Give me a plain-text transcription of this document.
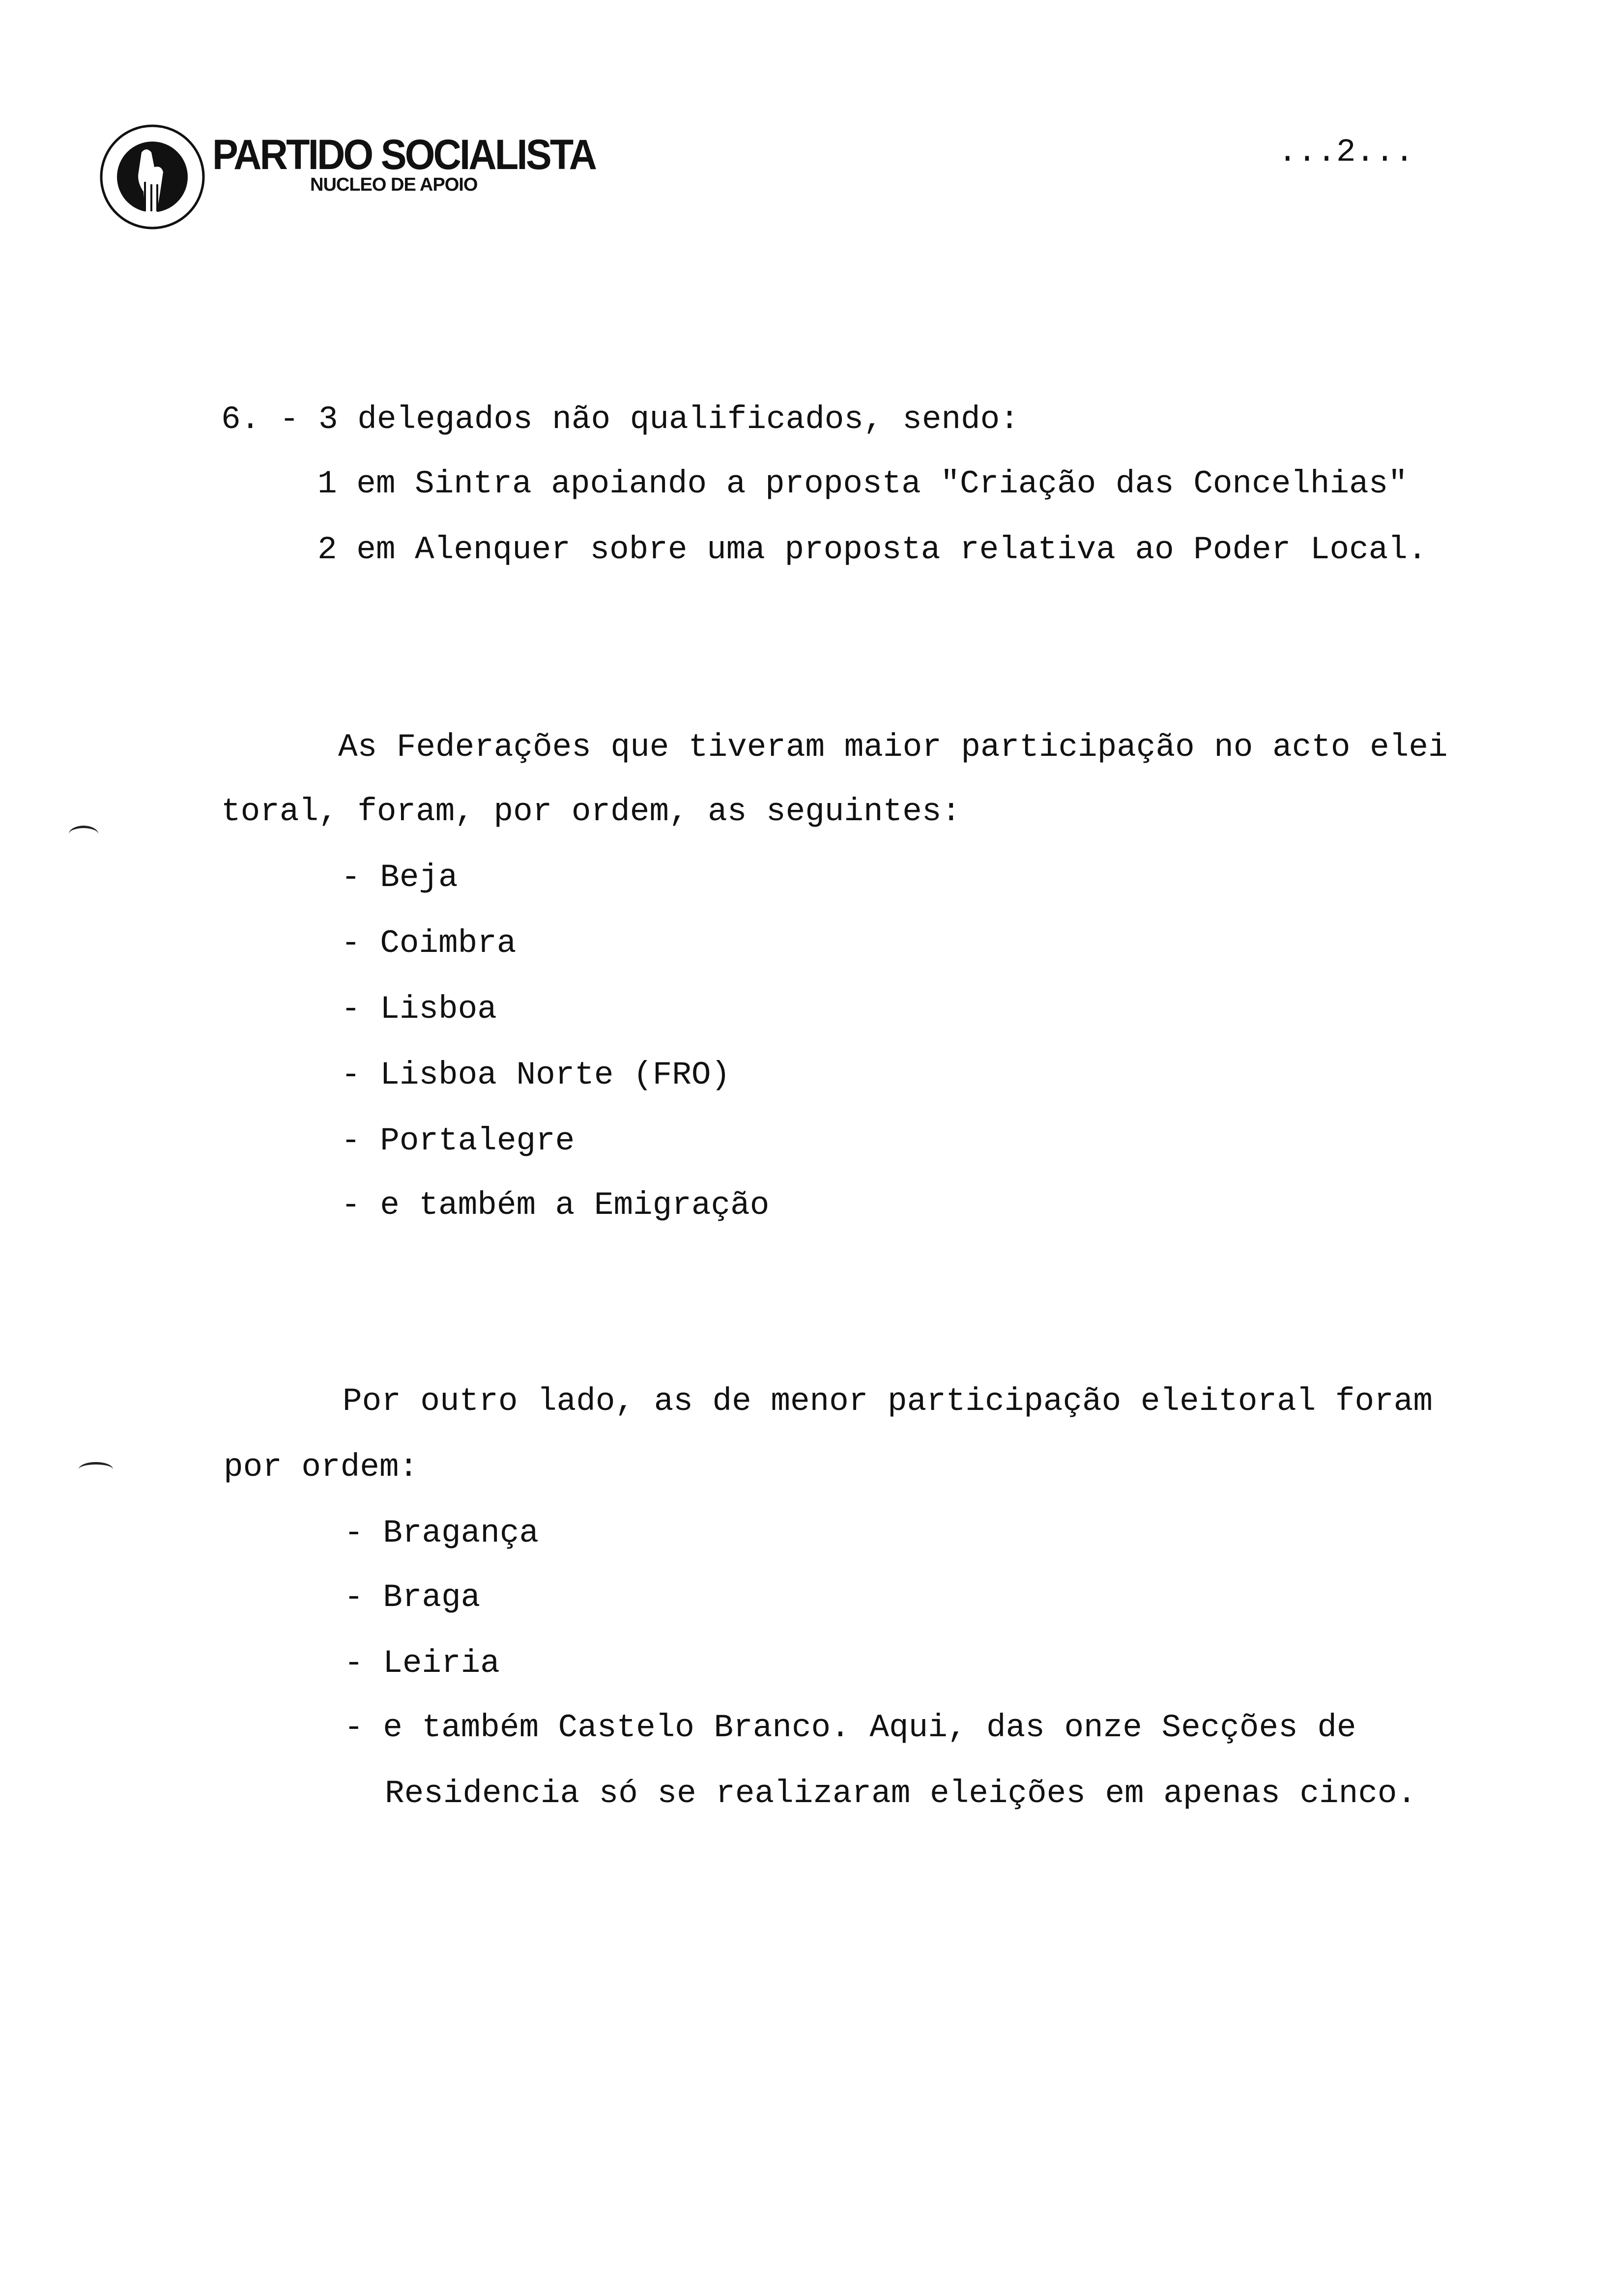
PARTIDO SOCIALISTA
NUCLEO DE APOIO
...2...
6. - 3 delegados não qualificados, sendo:
1 em Sintra apoiando a proposta "Criação das Concelhias"
2 em Alenquer sobre uma proposta relativa ao Poder Local.
As Federações que tiveram maior participação no acto elei
toral, foram, por ordem, as seguintes:
- Beja
- Coimbra
- Lisboa
- Lisboa Norte (FRO)
- Portalegre
- e também a Emigração
Por outro lado, as de menor participação eleitoral foram
por ordem:
- Bragança
- Braga
- Leiria
- e também Castelo Branco. Aqui, das onze Secções de
Residencia só se realizaram eleições em apenas cinco.
